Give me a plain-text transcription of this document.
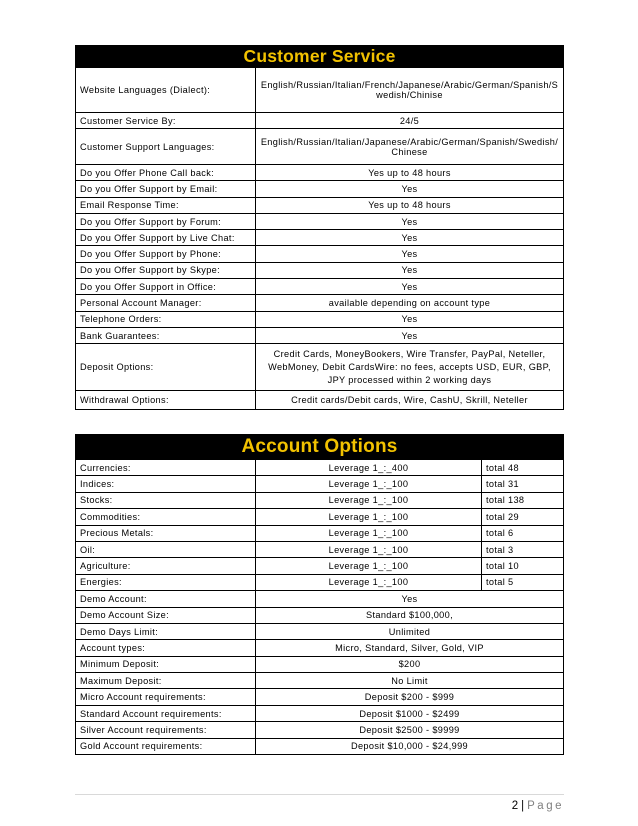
Customer Service	
Website Languages (Dialect):	English/Russian/Italian/French/Japanese/Arabic/German/Spanish/S wedish/Chinise
Customer Service By:	24/5
Customer Support Languages:	English/Russian/Italian/Japanese/Arabic/German/Spanish/Swedish/ Chinese
Do you Offer Phone Call back:	Yes up to 48 hours
Do you Offer Support by Email:	Yes
Email Response Time:	Yes up to 48 hours
Do you Offer Support by Forum:	Yes
Do you Offer Support by Live Chat:	Yes
Do you Offer Support by Phone:	Yes
Do you Offer Support by Skype:	Yes
Do you Offer Support in Office:	Yes
Personal Account Manager:	available depending on account type
Telephone Orders:	Yes
Bank Guarantees:	Yes
Deposit Options:	Credit Cards, MoneyBookers, Wire Transfer, PayPal, Neteller, WebMoney, Debit CardsWire: no fees, accepts USD, EUR, GBP, JPY processed within 2 working days
Withdrawal Options:	Credit cards/Debit cards, Wire, CashU, Skrill, Neteller
Account Options		
Currencies:	Leverage 1_:_400	total 48
Indices:	Leverage 1_:_100	total 31
Stocks:	Leverage 1_:_100	total 138
Commodities:	Leverage 1_:_100	total 29
Precious Metals:	Leverage 1_:_100	total 6
Oil:	Leverage 1_:_100	total 3
Agriculture:	Leverage 1_:_100	total 10
Energies:	Leverage 1_:_100	total 5
Demo Account:	Yes	
Demo Account Size:	Standard $100,000,	
Demo Days Limit:	Unlimited	
Account types:	Micro, Standard, Silver, Gold, VIP	
Minimum Deposit:	$200	
Maximum Deposit:	No Limit	
Micro Account requirements:	Deposit $200 - $999	
Standard Account requirements:	Deposit $1000 - $2499	
Silver Account requirements:	Deposit $2500 - $9999	
Gold Account requirements:	Deposit $10,000 - $24,999	
2 | Page
